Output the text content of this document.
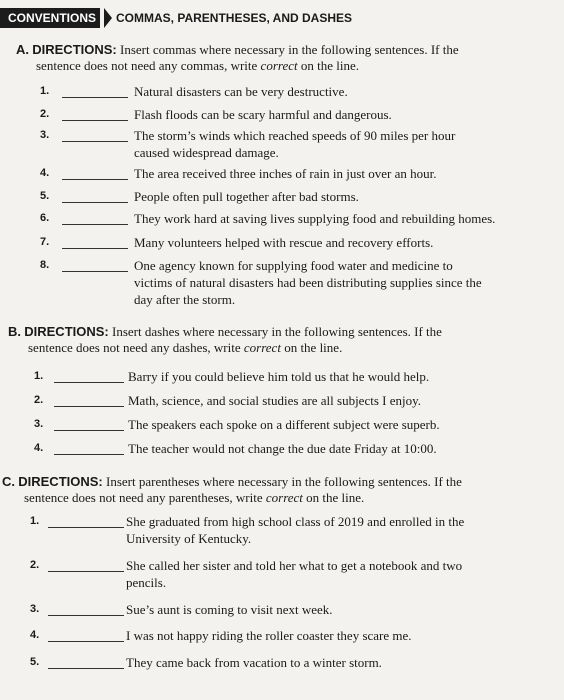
CONVENTIONS	COMMAS, PARENTHESES, AND DASHES
A. DIRECTIONS: Insert commas where necessary in the following sentences. If the
sentence does not need any commas, write correct on the line.
1.	Natural disasters can be very destructive.
2.	Flash floods can be scary harmful and dangerous.
3.	The storm’s winds which reached speeds of 90 miles per hour
caused widespread damage.
4.	The area received three inches of rain in just over an hour.
5.	People often pull together after bad storms.
6.	They work hard at saving lives supplying food and rebuilding homes.
7.	Many volunteers helped with rescue and recovery efforts.
8.	One agency known for supplying food water and medicine to
victims of natural disasters had been distributing supplies since the
day after the storm.
B. DIRECTIONS: Insert dashes where necessary in the following sentences. If the
sentence does not need any dashes, write correct on the line.
1.	Barry if you could believe him told us that he would help.
2.	Math, science, and social studies are all subjects I enjoy.
3.	The speakers each spoke on a different subject were superb.
4.	The teacher would not change the due date Friday at 10:00.
C. DIRECTIONS: Insert parentheses where necessary in the following sentences. If the
sentence does not need any parentheses, write correct on the line.
1.	She graduated from high school class of 2019 and enrolled in the
University of Kentucky.
2.	She called her sister and told her what to get a notebook and two
pencils.
3.	Sue’s aunt is coming to visit next week.
4.	I was not happy riding the roller coaster they scare me.
5.	They came back from vacation to a winter storm.
